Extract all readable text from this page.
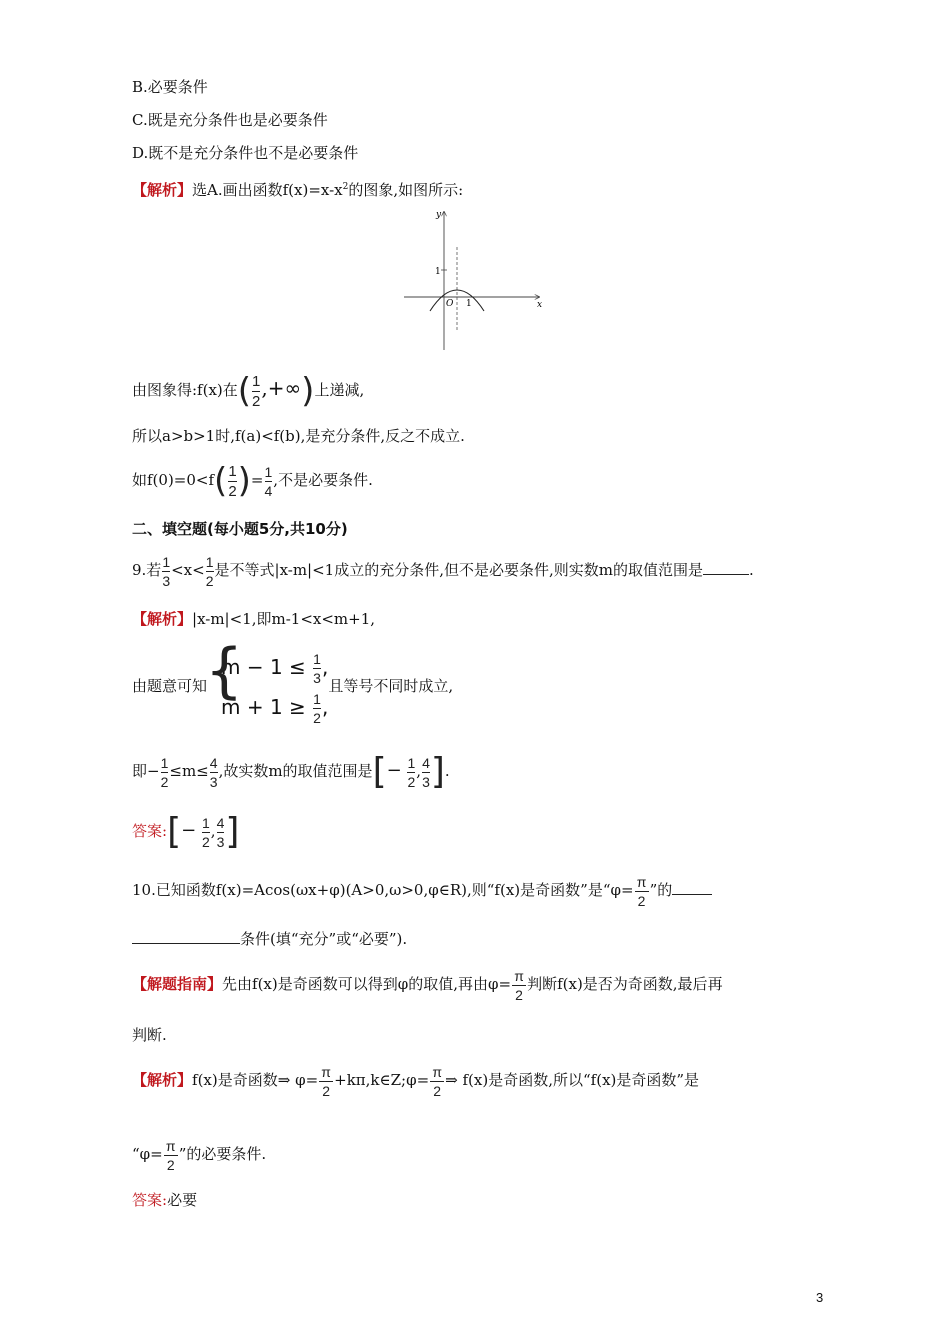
B.必要条件
C.既是充分条件也是必要条件
D.既不是充分条件也不是必要条件
【解析】选A.画出函数$f(x)=x-x^2$的图象,如图所示:
y
x
O 1
1
由图象得:f(x)在( $\frac{1}{2}$ ,+∞)上递减,
所以a>b>1时,f(a)<f(b),是充分条件,反之不成立.
如$f(0)=0<f( \frac{1}{2}$ )= $\frac{1}{4}$ ,不是必要条件.
二、填空题(每小题5分,共10分)
9.若 $\frac{1}{3} <x< \frac{1}{2}$ 是不等式|x-m|<1成立的充分条件,但不是必要条件,则实数m的取值范围是	.
【解析】|x-m|<1,即m-1<x<m+1,
由题意可知
{
$m - 1 \le \frac{1}{3}$ ,
$m + 1 \ge \frac{1}{2}$ ,
且等号不同时成立,
即− $\frac{1}{2} \le m\le \frac{4}{3}$ ,故实数m的取值范围是[− $\frac{1}{2}$ , $\frac{4}{3}$ ].
答案:[− $\frac{1}{2}$ , $\frac{4}{3}$ ]
10.已知函数f(x)=Acos(ωx+φ)(A>0,ω>0,φ∈R),则“f(x)是奇函数”是“$\varphi= \frac{\pi}{2}$ ”的
条件(填“充分”或“必要”).
【解题指南】先由f(x)是奇函数可以得到φ的取值,再由$\varphi= \frac{\pi}{2}$ 判断f(x)是否为奇函数,最后再
判断.
【解析】f(x)是奇函数⇒ $\varphi= \frac{\pi}{2}$ +kπ,k∈Z;φ= $\frac{\pi}{2}$ ⇒ f(x)是奇函数,所以“f(x)是奇函数”是
“$\varphi= \frac{\pi}{2}$ ”的必要条件.
答案:必要
3
